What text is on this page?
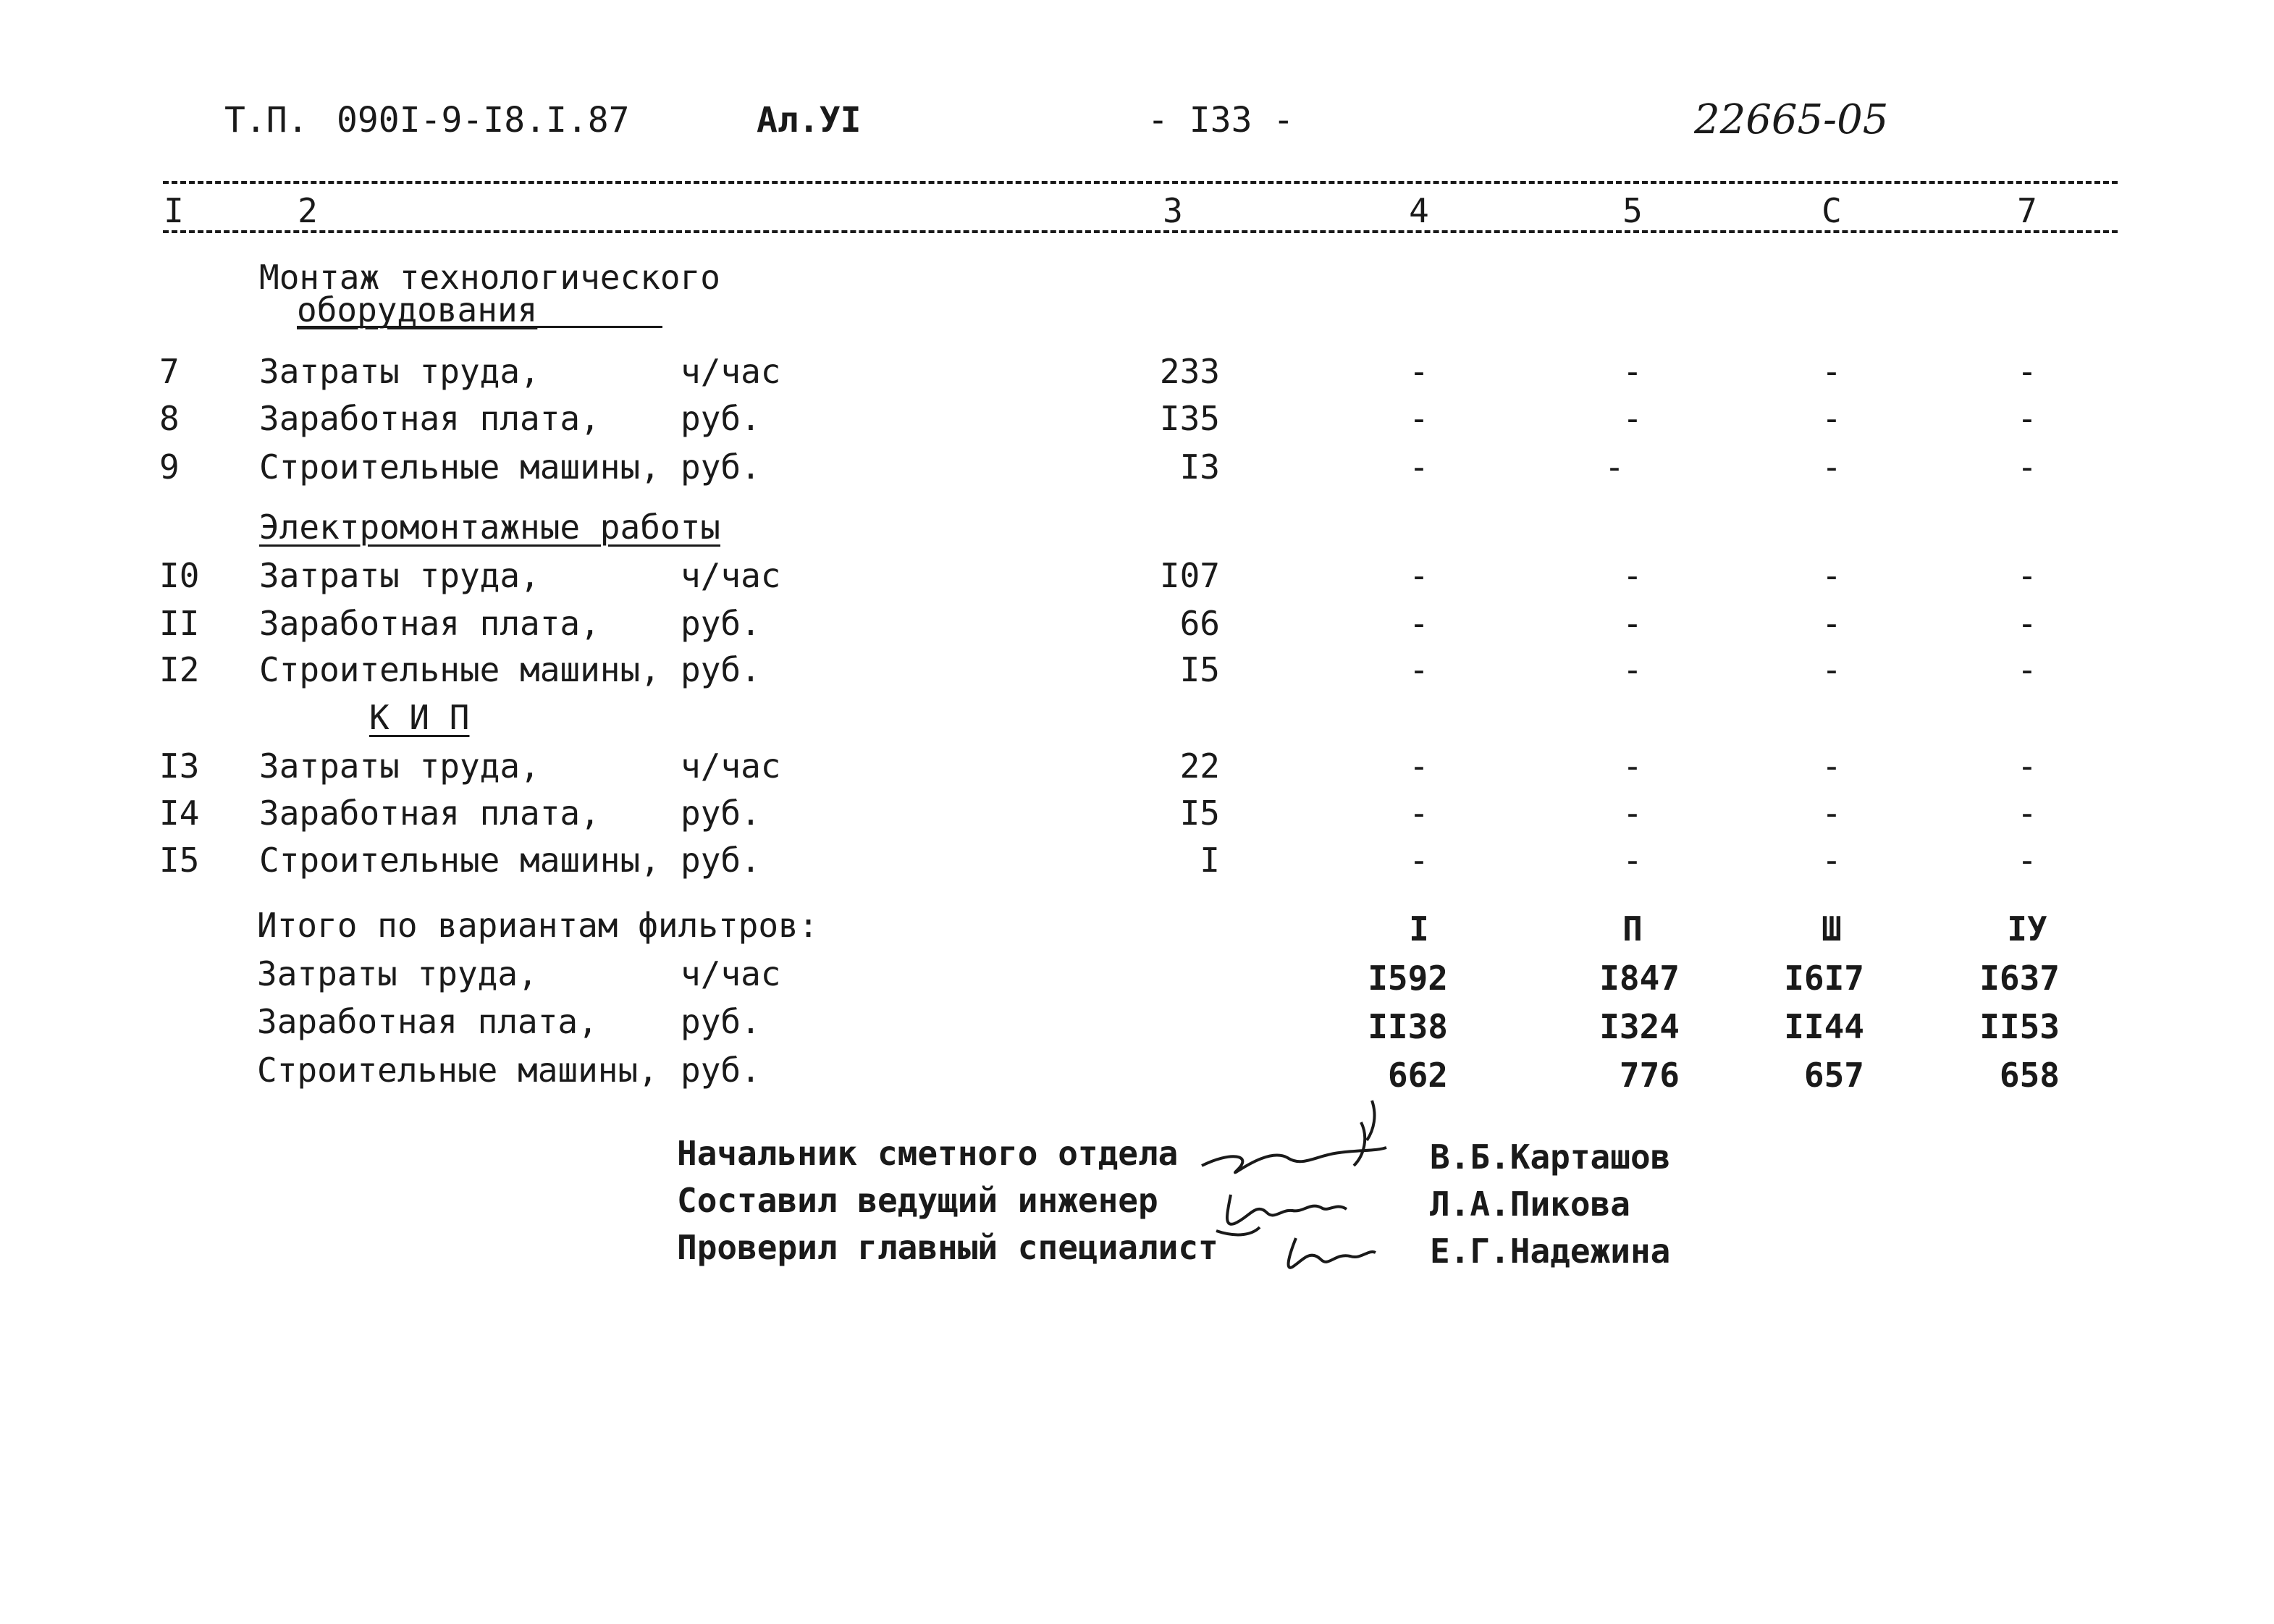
Т.П. 090I-9-I8.I.87	Ал.УI	- I33 -	22665-05
I	2	3	4	5	С	7
Монтаж технологического
оборудования
7 Затраты труда,	ч/час	233	-	-	-	-
8 Заработная плата, руб.	I35	-	-	-	-
9 Строительные машины, руб.	I3	-	-	-	-
Электромонтажные работы
I0 Затраты труда,	ч/час	I07	-	-	-	-
II Заработная плата, руб.	66	-	-	-	-
I2 Строительные машины, руб.	I5	-	-	-	-
К И П
I3 Затраты труда,	ч/час	22	-	-	-	-
I4 Заработная плата, руб.	I5	-	-	-	-
I5 Строительные машины, руб.	I	-	-	-	-
Итого по вариантам фильтров:	I	П	Ш	IУ
Затраты труда,	ч/час	I592	I847	I6I7	I637
Заработная плата, руб.	II38	I324	II44	II53
Строительные машины, руб.	662	776	657	658
Начальник сметного отдела	В.Б.Карташов
Составил ведущий инженер	Л.А.Пикова
Проверил главный специалист	Е.Г.Надежина
